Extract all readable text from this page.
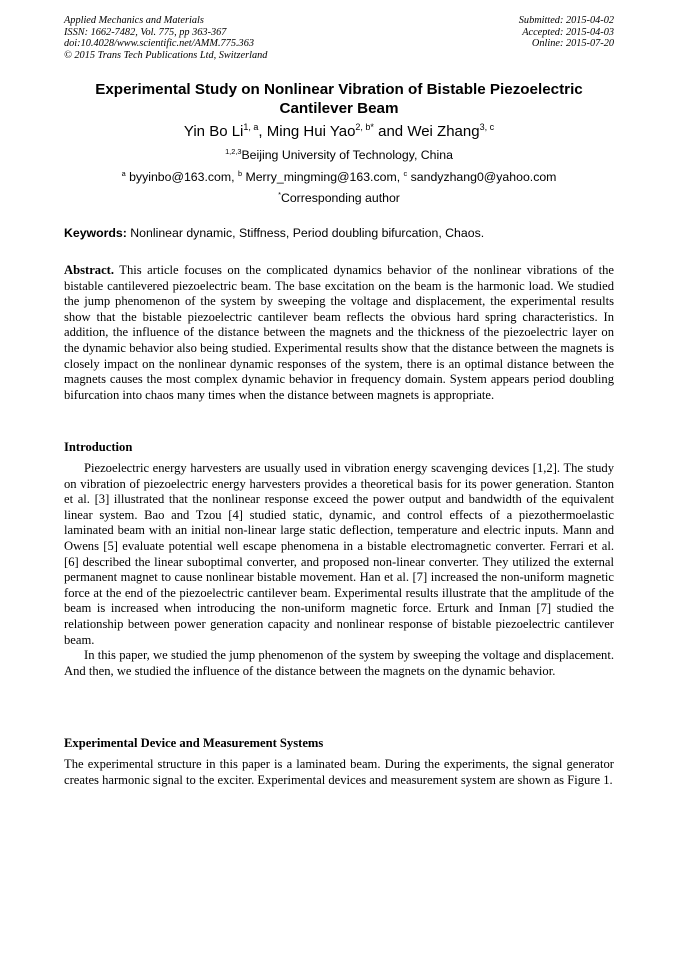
Applied Mechanics and Materials
ISSN: 1662-7482, Vol. 775, pp 363-367
doi:10.4028/www.scientific.net/AMM.775.363
© 2015 Trans Tech Publications Ltd, Switzerland
Submitted: 2015-04-02
Accepted: 2015-04-03
Online: 2015-07-20
Experimental Study on Nonlinear Vibration of Bistable Piezoelectric
Cantilever Beam
Yin Bo Li$^{1, a}$, Ming Hui Yao$^{2, b*}$ and Wei Zhang$^{3, c}$
$^{1,2,3}$Beijing University of Technology, China
$^a$ byyinbo@163.com, $^b$ Merry_mingming@163.com, $^c$ sandyzhang0@yahoo.com
*Corresponding author
Keywords: Nonlinear dynamic, Stiffness, Period doubling bifurcation, Chaos.

Abstract. This article focuses on the complicated dynamics behavior of the nonlinear vibrations of the bistable cantilevered piezoelectric beam. The base excitation on the beam is the harmonic load. We studied the jump phenomenon of the system by sweeping the voltage and displacement, the experimental results show that the bistable piezoelectric cantilever beam reflects the obvious hard spring characteristics. In addition, the influence of the distance between the magnets and the thickness of the piezoelectric layer on the dynamic behavior also being studied. Experimental results show that the distance between the magnets is closely impact on the nonlinear dynamic responses of the system, there is an optimal distance between the magnets causes the most complex dynamic behavior in frequency domain. System appears period doubling bifurcation into chaos many times when the distance between magnets is appropriate.

Introduction

Piezoelectric energy harvesters are usually used in vibration energy scavenging devices [1,2]. The study on vibration of piezoelectric energy harvesters provides a theoretical basis for its power generation. Stanton et al. [3] illustrated that the nonlinear response exceed the power output and bandwidth of the equivalent linear system. Bao and Tzou [4] studied static, dynamic, and control effects of a piezothermoelastic laminated beam with an initial non-linear large static deflection, temperature and electric inputs. Mann and Owens [5] evaluate potential well escape phenomena in a bistable electromagnetic converter. Ferrari et al. [6] described the linear suboptimal converter, and proposed non-linear converter. They utilized the external permanent magnet to cause nonlinear bistable movement. Han et al. [7] increased the non-uniform magnetic force at the end of the piezoelectric cantilever beam. Experimental results illustrate that the amplitude of the beam is increased when introducing the non-uniform magnetic force. Erturk and Inman [7] studied the relationship between power generation capacity and nonlinear response of bistable piezoelectric cantilever beam.

In this paper, we studied the jump phenomenon of the system by sweeping the voltage and displacement. And then, we studied the influence of the distance between the magnets on the dynamic behavior.

Experimental Device and Measurement Systems

The experimental structure in this paper is a laminated beam. During the experiments, the signal generator creates harmonic signal to the exciter. Experimental devices and measurement system are shown as Figure 1.
